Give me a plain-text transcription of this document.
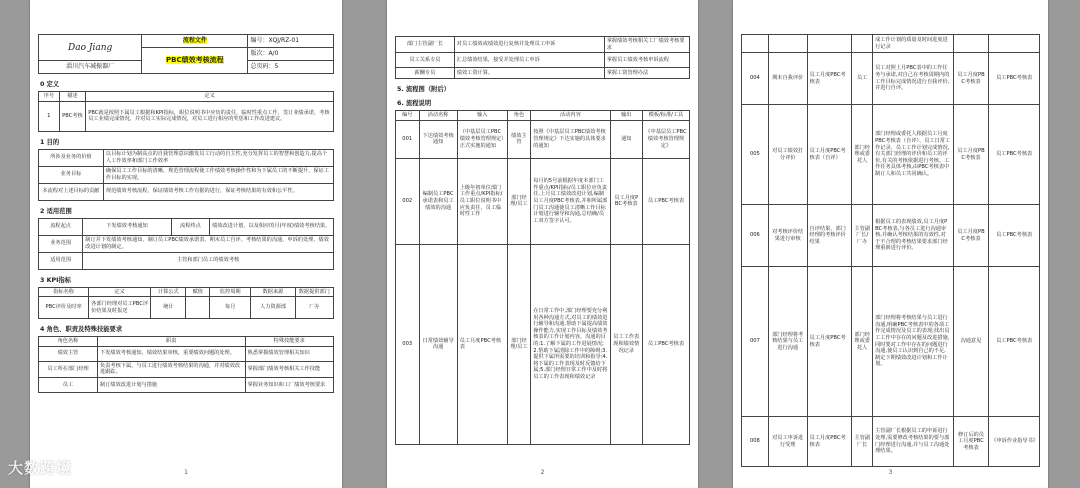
Dao Jiang	流程文件	编号：XQJ/RZ-01
	PBC绩效考核流程	版次：A/0
淄川汽车减振器厂		总页码：5
0 定义
序号	描述	定义
1	PBC考核	PBC就是按照下属员工根据和KPI指标，职位说明书中应负的责任，临时性重点工作，签订业绩承诺，考核员工业绩完成情况，并对员工实际完成情况，对员工进行相应的奖惩和工作改进建议。
1 目的
所涉及业务的价值	以目标计划为制高点的自我管理意识激发员工行动的自主性,充分发挥员工的智慧和创造力,提高个人工作效率和部门工作效率
业务目标	确保员工工作目标的清晰，规范管理流程使工作绩效考核操作性和为下属员工的不断提升，保证工作目标的实现。
本流程对上述目标的贡献	规范绩效考核流程，保证绩效考核工作有据的进行，保证考核结果的有效和公平性。
2 适用范围
流程起点	下发绩效考核通知	流程终点	绩效改进计划、以及相应的月(年度)绩效考核结果。
业务范围	制订并下发绩效考核通知、制订员工PBC绩效承诺表、期末员工自评、考核结果的沟通、申诉的处理、绩效改进计划的制定。		
适用范围	主管和部门员工的绩效考核		
3 KPI指标
指标名称	定义	计算公式	赋值	监控周期	数据来源	数据提供部门
PBC评价及时率	各部门经理对员工PBC评价结果及时报送	统计		每月	人力资源部	厂办
4 角色、职责及特殊技能要求
角色名称	职责	特殊技能要求
绩效主管	下发绩效考核通知，绩效结果审核，重要绩效问题的处理。	熟悉掌握绩效管理相关知识
员工所在部门经理	负责考核下属，与员工进行绩效考核结果的沟通，并对绩效改进跟踪。	掌握部门绩效考核相关工作技能
员工	制订绩效改进计划与措施	掌握业务知识和工厂绩效考核要求
1
部门主管副厂长	对员工绩效或绩效进行复核并处理员工申诉	掌握绩效考核相关工厂绩效考核要求
员工关系专员	汇总绩效结果，接受并处理员工申诉	掌握员工绩效考核申诉流程
薪酬专员	绩效工资计算。	掌握工资管理办法
5. 流程图（附后）
6. 流程说明
编号	活动名称	输入	角色	活动内容	输出	模板/标准/工具
001	下达绩效考核通知	（中基层员工PBC绩效考核管理规定）正式实施的通知	绩效主管	按照《中基层员工PBC绩效考核管理规定》下达实施的具体要求的通知	通知	《中基层员工PBC绩效考核管理规定》
002	编制员工PBC承诺表和员工绩效的沟通	上级年初单位部门工作重点/KPI指标/员工职位说明书中应负责任，员工临时性工作	部门经理/员工	每月的5号前根据年度本部门工作重点/KPI指标/员工职位应负责任,上月员工绩效改进计划,编制员工月度PBC考核表,并和所属部门员工沟通使员工清晰工作目标计划进行辅导和沟通,总结确/员工双方签字认可。	员工月度PBC考核表	员工PBC考核表
003	日常绩效辅导沟通	员工月度PBC考核表	部门经理/员工	在日常工作中,部门经理要充分利用各种沟通方式,对员工的绩效进行辅导和沟通,帮助下属提高绩效操作能力,实现工作目标及绩效考核表的工作计划内容。沟通的目的:1.了解下属的工作进展情况;2.帮助下属清除工作中的障碍;3.提供下属所需要的培训和指导;4.将下属的工作表现及时反馈给下属;5.部门经理日常工作中及时将员工的工作表现和绩效记录	员工工作表现和绩效情况记录	员工PBC考核表
2
				成工作计划的质量及时间进度进行记录		
004	期末自我评价	员工月度PBC考核表	员工	员工对照上月PBC表中的工作任务与承诺,对自己在考核周期内的工作目标完成情况进行自我评价,并进行自评。	员工月度PBC考核表	员工PBC考核表
005	对员工绩效打分评价	员工月度PBC考核表（自评）	部门经理或委托人	部门经理或委托人根据员工月度PBC考核表（自评）、员工日常工作记录、员工工作计划完成情况,有关部门经理的评价和员工的评价,有关的考核依据进行考核。工作任务具体考核,由PBC考核表中制订人和员工共同确认。	员工月度PBC考核表	员工PBC考核表
006	对考核评价结果进行审核	自评结果、部门经理的考核评价结果	主管副厂长/厂办	根据员工的表现绩效,员工月度PBC考核表,与各员工进行沟通审核,并确认考核结果的有效性,对于不合理的考核结果要求部门经理重新进行评价。	员工月度PBC考核表	员工PBC考核表
007	部门经理将考核结果与员工进行沟通	员工月度PBC考核表	部门经理或委托人	部门经理将考核结果与员工进行沟通,明确PBC考核表中的各项工作完成情况及员工的表现;找出员工工作中存在的问题及改进措施,同时要对工作中存在的问题进行沟通,使员工认识到自己的不足,制定下期绩效改进计划和工作计划。	沟通意见	员工PBC考核表
008	对员工申诉进行受理	员工月度PBC考核表	主管副厂长	主管副厂长根据员工的申诉进行处理,需要修改考核结果的要与部门经理进行沟通,并与员工沟通处理结果。	修订后的员工月度PBC考核表	《申诉作业指导书》
3
大数跨境
